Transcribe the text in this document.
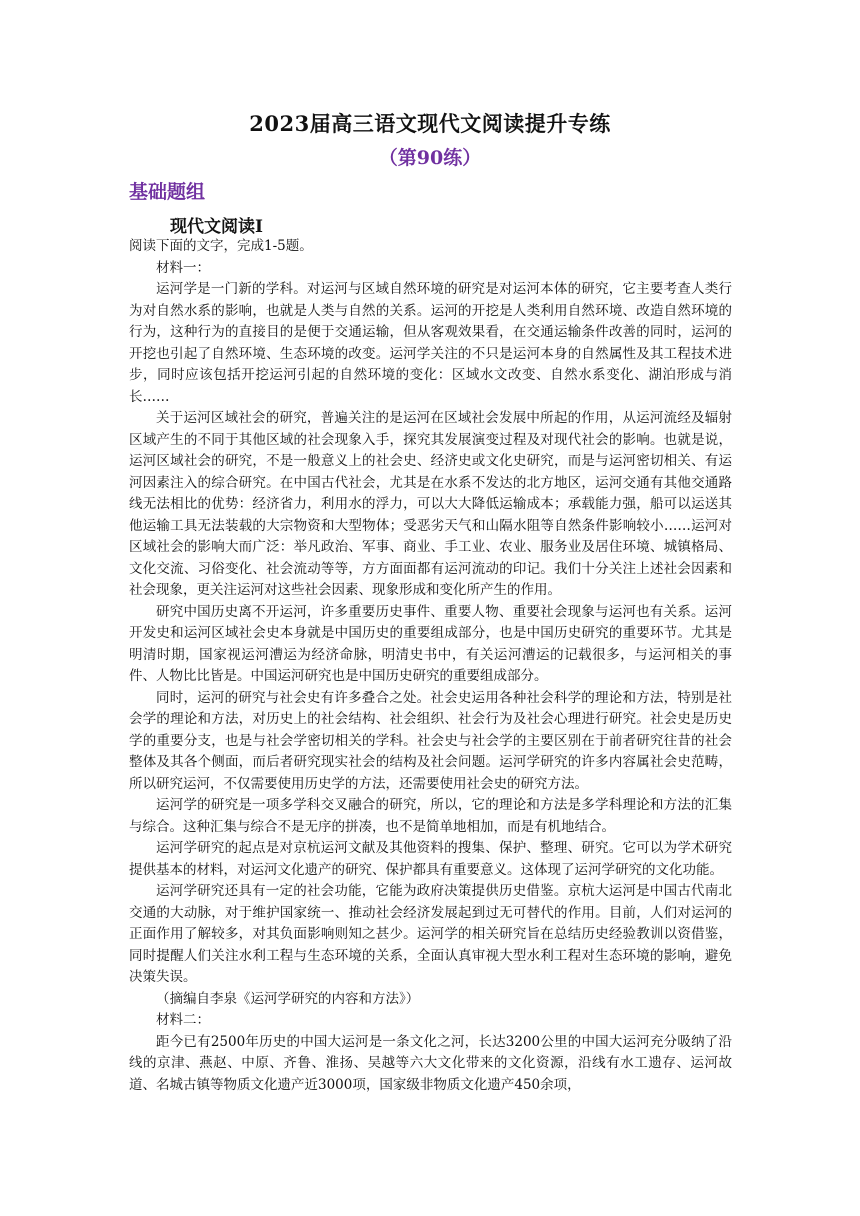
2023届高三语文现代文阅读提升专练
（第90练）
基础题组
现代文阅读Ⅰ

阅读下面的文字，完成1-5题。

材料一：

运河学是一门新的学科。对运河与区域自然环境的研究是对运河本体的研究，它主要考查人类行为对自然水系的影响，也就是人类与自然的关系。运河的开挖是人类利用自然环境、改造自然环境的行为，这种行为的直接目的是便于交通运输，但从客观效果看，在交通运输条件改善的同时，运河的开挖也引起了自然环境、生态环境的改变。运河学关注的不只是运河本身的自然属性及其工程技术进步，同时应该包括开挖运河引起的自然环境的变化：区域水文改变、自然水系变化、湖泊形成与消长……

关于运河区域社会的研究，普遍关注的是运河在区域社会发展中所起的作用，从运河流经及辐射区域产生的不同于其他区域的社会现象入手，探究其发展演变过程及对现代社会的影响。也就是说，运河区域社会的研究，不是一般意义上的社会史、经济史或文化史研究，而是与运河密切相关、有运河因素注入的综合研究。在中国古代社会，尤其是在水系不发达的北方地区，运河交通有其他交通路线无法相比的优势：经济省力，利用水的浮力，可以大大降低运输成本；承载能力强，船可以运送其他运输工具无法装载的大宗物资和大型物体；受恶劣天气和山隔水阻等自然条件影响较小……运河对区域社会的影响大而广泛：举凡政治、军事、商业、手工业、农业、服务业及居住环境、城镇格局、文化交流、习俗变化、社会流动等等，方方面面都有运河流动的印记。我们十分关注上述社会因素和社会现象，更关注运河对这些社会因素、现象形成和变化所产生的作用。

研究中国历史离不开运河，许多重要历史事件、重要人物、重要社会现象与运河也有关系。运河开发史和运河区域社会史本身就是中国历史的重要组成部分，也是中国历史研究的重要环节。尤其是明清时期，国家视运河漕运为经济命脉，明清史书中，有关运河漕运的记载很多，与运河相关的事件、人物比比皆是。中国运河研究也是中国历史研究的重要组成部分。

同时，运河的研究与社会史有许多叠合之处。社会史运用各种社会科学的理论和方法，特别是社会学的理论和方法，对历史上的社会结构、社会组织、社会行为及社会心理进行研究。社会史是历史学的重要分支，也是与社会学密切相关的学科。社会史与社会学的主要区别在于前者研究往昔的社会整体及其各个侧面，而后者研究现实社会的结构及社会问题。运河学研究的许多内容属社会史范畴，所以研究运河，不仅需要使用历史学的方法，还需要使用社会史的研究方法。

运河学的研究是一项多学科交叉融合的研究，所以，它的理论和方法是多学科理论和方法的汇集与综合。这种汇集与综合不是无序的拼凑，也不是简单地相加，而是有机地结合。

运河学研究的起点是对京杭运河文献及其他资料的搜集、保护、整理、研究。它可以为学术研究提供基本的材料，对运河文化遗产的研究、保护都具有重要意义。这体现了运河学研究的文化功能。

运河学研究还具有一定的社会功能，它能为政府决策提供历史借鉴。京杭大运河是中国古代南北交通的大动脉，对于维护国家统一、推动社会经济发展起到过无可替代的作用。目前，人们对运河的正面作用了解较多，对其负面影响则知之甚少。运河学的相关研究旨在总结历史经验教训以资借鉴，同时提醒人们关注水利工程与生态环境的关系，全面认真审视大型水利工程对生态环境的影响，避免决策失误。

（摘编自李泉《运河学研究的内容和方法》）

材料二：

距今已有2500年历史的中国大运河是一条文化之河，长达3200公里的中国大运河充分吸纳了沿线的京津、燕赵、中原、齐鲁、淮扬、吴越等六大文化带来的文化资源，沿线有水工遗存、运河故道、名城古镇等物质文化遗产近3000项，国家级非物质文化遗产450余项，
